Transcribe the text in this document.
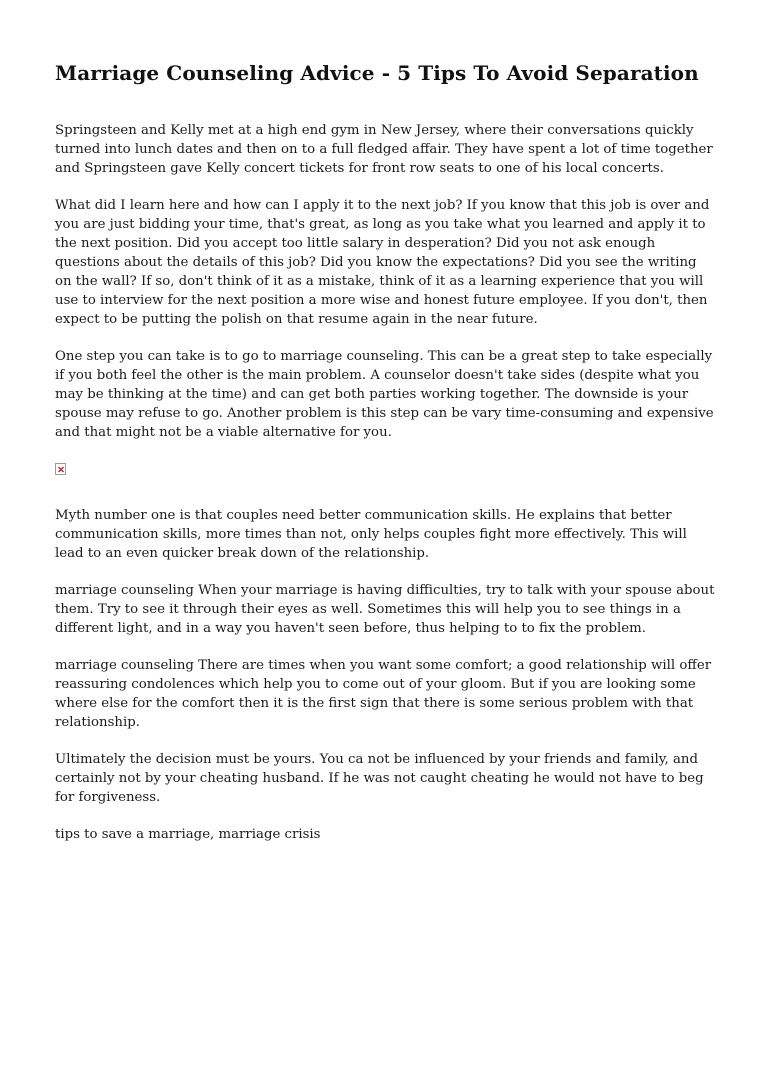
Marriage Counseling Advice - 5 Tips To Avoid Separation

Springsteen and Kelly met at a high end gym in New Jersey, where their conversations quickly turned into lunch dates and then on to a full fledged affair. They have spent a lot of time together and Springsteen gave Kelly concert tickets for front row seats to one of his local concerts.

What did I learn here and how can I apply it to the next job? If you know that this job is over and you are just bidding your time, that's great, as long as you take what you learned and apply it to the next position. Did you accept too little salary in desperation? Did you not ask enough questions about the details of this job? Did you know the expectations? Did you see the writing on the wall? If so, don't think of it as a mistake, think of it as a learning experience that you will use to interview for the next position a more wise and honest future employee. If you don't, then expect to be putting the polish on that resume again in the near future.

One step you can take is to go to marriage counseling. This can be a great step to take especially if you both feel the other is the main problem. A counselor doesn't take sides (despite what you may be thinking at the time) and can get both parties working together. The downside is your spouse may refuse to go. Another problem is this step can be vary time-consuming and expensive and that might not be a viable alternative for you.

Myth number one is that couples need better communication skills. He explains that better communication skills, more times than not, only helps couples fight more effectively. This will lead to an even quicker break down of the relationship.

marriage counseling When your marriage is having difficulties, try to talk with your spouse about them. Try to see it through their eyes as well. Sometimes this will help you to see things in a different light, and in a way you haven't seen before, thus helping to to fix the problem.

marriage counseling There are times when you want some comfort; a good relationship will offer reassuring condolences which help you to come out of your gloom. But if you are looking some where else for the comfort then it is the first sign that there is some serious problem with that relationship.

Ultimately the decision must be yours. You ca not be influenced by your friends and family, and certainly not by your cheating husband. If he was not caught cheating he would not have to beg for forgiveness.

tips to save a marriage, marriage crisis
